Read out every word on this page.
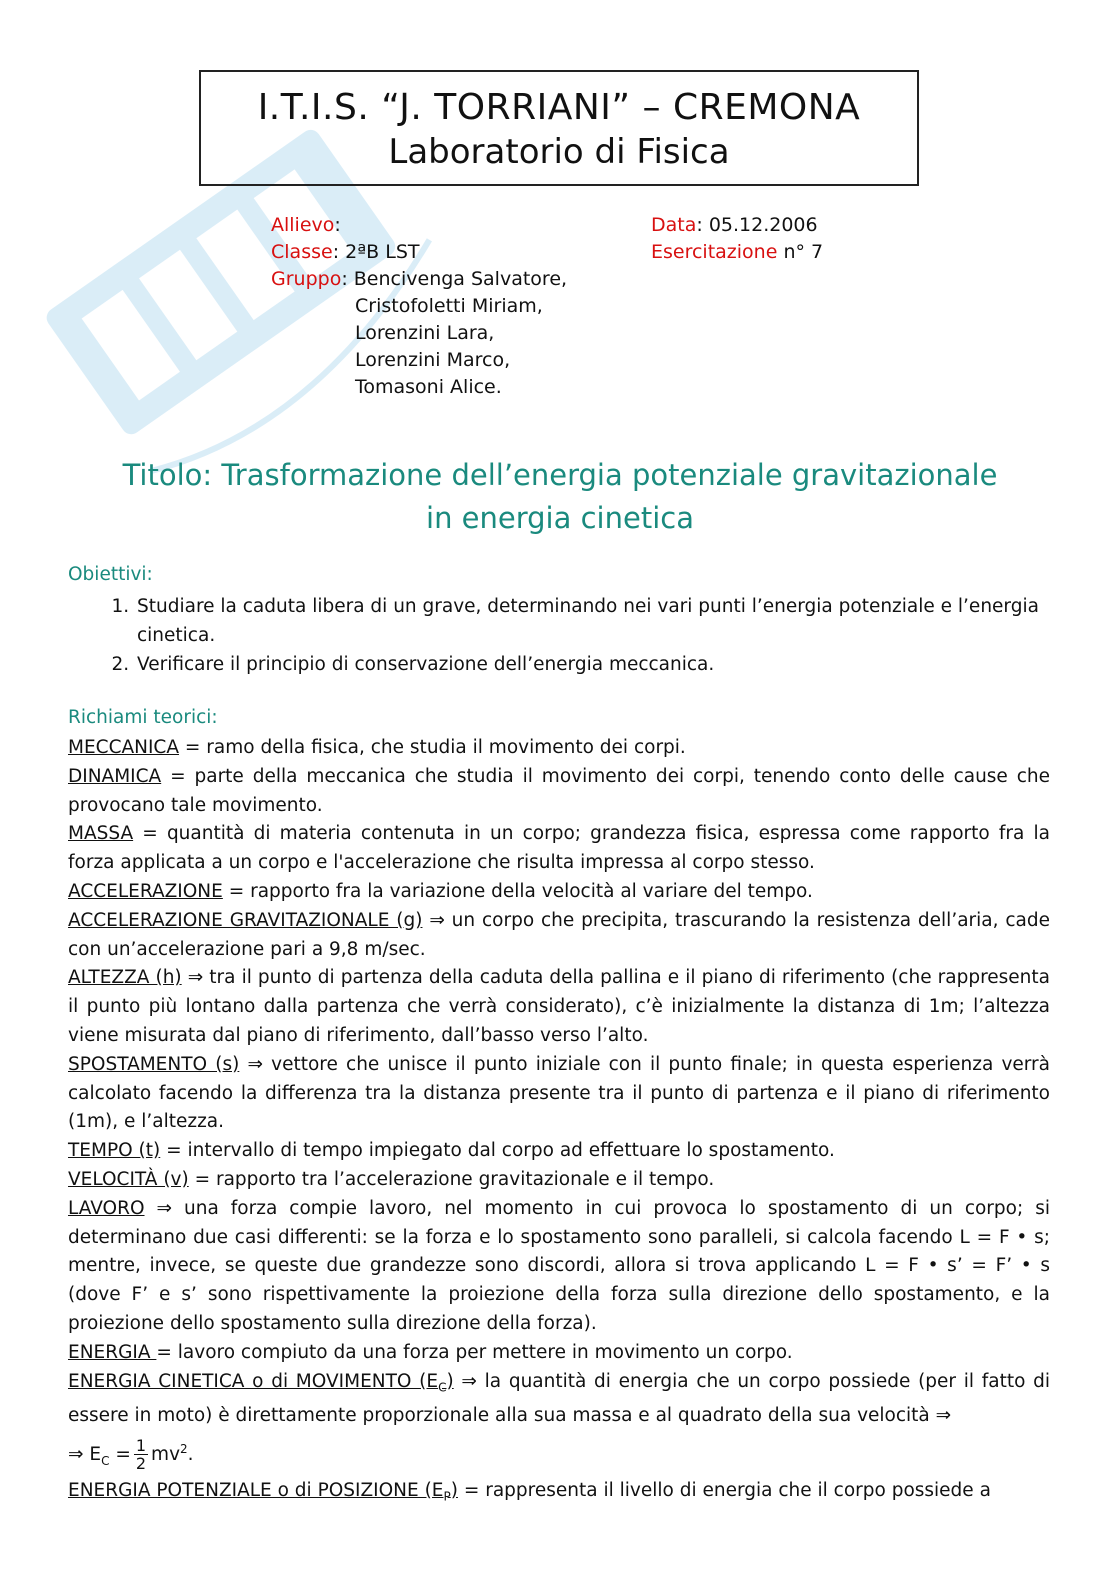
I.T.I.S. “J. TORRIANI” – CREMONA
Laboratorio di Fisica
Allievo:
Classe: 2ªB LST
Gruppo: Bencivenga Salvatore,
Cristofoletti Miriam,
Lorenzini Lara,
Lorenzini Marco,
Tomasoni Alice.
Data: 05.12.2006
Esercitazione n° 7
Titolo: Trasformazione dell’energia potenziale gravitazionale
in energia cinetica
Obiettivi:
1. Studiare la caduta libera di un grave, determinando nei vari punti l’energia potenziale e l’energia cinetica.
2. Verificare il principio di conservazione dell’energia meccanica.
Richiami teorici:

MECCANICA = ramo della fisica, che studia il movimento dei corpi.

DINAMICA = parte della meccanica che studia il movimento dei corpi, tenendo conto delle cause che provocano tale movimento.

MASSA = quantità di materia contenuta in un corpo; grandezza fisica, espressa come rapporto fra la forza applicata a un corpo e l'accelerazione che risulta impressa al corpo stesso.

ACCELERAZIONE = rapporto fra la variazione della velocità al variare del tempo.

ACCELERAZIONE GRAVITAZIONALE (g) ⇒ un corpo che precipita, trascurando la resistenza dell’aria, cade con un’accelerazione pari a 9,8 m/sec.

ALTEZZA (h) ⇒ tra il punto di partenza della caduta della pallina e il piano di riferimento (che rappresenta il punto più lontano dalla partenza che verrà considerato), c’è inizialmente la distanza di 1m; l’altezza viene misurata dal piano di riferimento, dall’basso verso l’alto.

SPOSTAMENTO (s) ⇒ vettore che unisce il punto iniziale con il punto finale; in questa esperienza verrà calcolato facendo la differenza tra la distanza presente tra il punto di partenza e il piano di riferimento (1m), e l’altezza.

TEMPO (t) = intervallo di tempo impiegato dal corpo ad effettuare lo spostamento.

VELOCITÀ (v) = rapporto tra l’accelerazione gravitazionale e il tempo.

LAVORO ⇒ una forza compie lavoro, nel momento in cui provoca lo spostamento di un corpo; si determinano due casi differenti: se la forza e lo spostamento sono paralleli, si calcola facendo L = F • s; mentre, invece, se queste due grandezze sono discordi, allora si trova applicando L = F • s’ = F’ • s (dove F’ e s’ sono rispettivamente la proiezione della forza sulla direzione dello spostamento, e la proiezione dello spostamento sulla direzione della forza).

ENERGIA = lavoro compiuto da una forza per mettere in movimento un corpo.

ENERGIA CINETICA o di MOVIMENTO $(E_C)$ ⇒ la quantità di energia che un corpo possiede (per il fatto di essere in moto) è direttamente proporzionale alla sua massa e al quadrato della sua velocità ⇒

⇒ $E_C = \frac{1}{2} mv^2$.

ENERGIA POTENZIALE o di POSIZIONE $(E_P)$ = rappresenta il livello di energia che il corpo possiede a
